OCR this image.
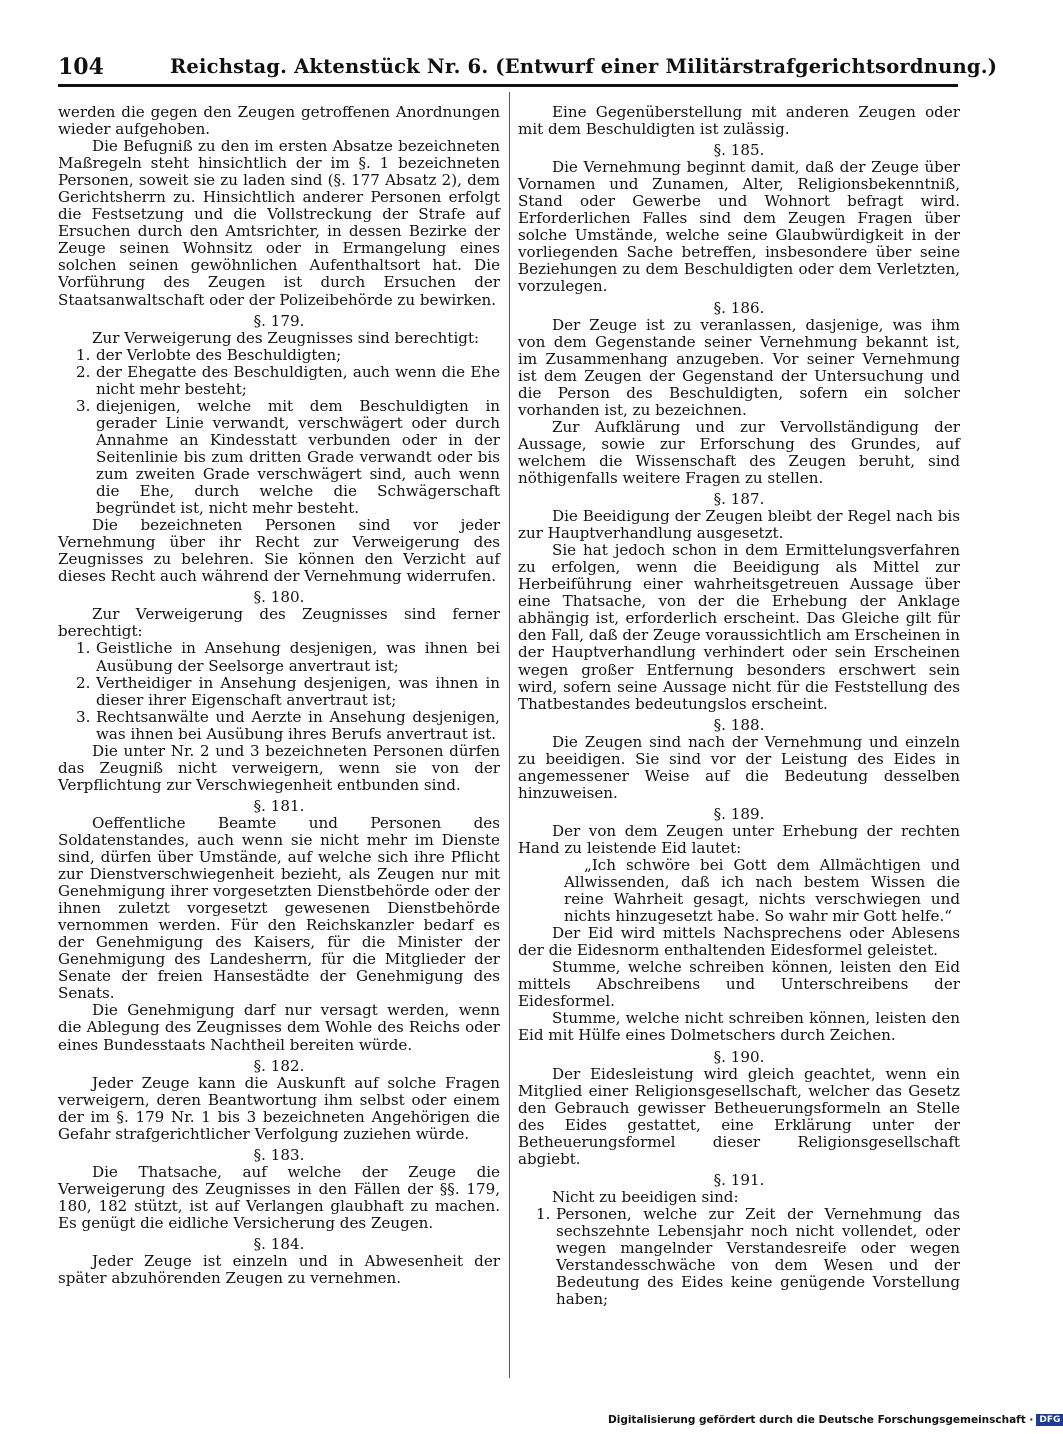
104	Reichstag. Aktenstück Nr. 6. (Entwurf einer Militärstrafgerichtsordnung.)

werden die gegen den Zeugen getroffenen Anordnungen wieder aufgehoben.

Die Befugniß zu den im ersten Absatze bezeichneten Maßregeln steht hinsichtlich der im §. 1 bezeichneten Personen, soweit sie zu laden sind (§. 177 Absatz 2), dem Gerichtsherrn zu. Hinsichtlich anderer Personen erfolgt die Festsetzung und die Vollstreckung der Strafe auf Ersuchen durch den Amtsrichter, in dessen Bezirke der Zeuge seinen Wohnsitz oder in Ermangelung eines solchen seinen gewöhnlichen Aufenthaltsort hat. Die Vorführung des Zeugen ist durch Ersuchen der Staatsanwaltschaft oder der Polizeibehörde zu bewirken.

§. 179.

Zur Verweigerung des Zeugnisses sind berechtigt:

1. der Verlobte des Beschuldigten;

2. der Ehegatte des Beschuldigten, auch wenn die Ehe nicht mehr besteht;

3. diejenigen, welche mit dem Beschuldigten in gerader Linie verwandt, verschwägert oder durch Annahme an Kindesstatt verbunden oder in der Seitenlinie bis zum dritten Grade verwandt oder bis zum zweiten Grade verschwägert sind, auch wenn die Ehe, durch welche die Schwägerschaft begründet ist, nicht mehr besteht.

Die bezeichneten Personen sind vor jeder Vernehmung über ihr Recht zur Verweigerung des Zeugnisses zu belehren. Sie können den Verzicht auf dieses Recht auch während der Vernehmung widerrufen.

§. 180.

Zur Verweigerung des Zeugnisses sind ferner berechtigt:

1. Geistliche in Ansehung desjenigen, was ihnen bei Ausübung der Seelsorge anvertraut ist;

2. Vertheidiger in Ansehung desjenigen, was ihnen in dieser ihrer Eigenschaft anvertraut ist;

3. Rechtsanwälte und Aerzte in Ansehung desjenigen, was ihnen bei Ausübung ihres Berufs anvertraut ist.

Die unter Nr. 2 und 3 bezeichneten Personen dürfen das Zeugniß nicht verweigern, wenn sie von der Verpflichtung zur Verschwiegenheit entbunden sind.

§. 181.

Oeffentliche Beamte und Personen des Soldatenstandes, auch wenn sie nicht mehr im Dienste sind, dürfen über Umstände, auf welche sich ihre Pflicht zur Dienstverschwiegenheit bezieht, als Zeugen nur mit Genehmigung ihrer vorgesetzten Dienstbehörde oder der ihnen zuletzt vorgesetzt gewesenen Dienstbehörde vernommen werden. Für den Reichskanzler bedarf es der Genehmigung des Kaisers, für die Minister der Genehmigung des Landesherrn, für die Mitglieder der Senate der freien Hansestädte der Genehmigung des Senats.

Die Genehmigung darf nur versagt werden, wenn die Ablegung des Zeugnisses dem Wohle des Reichs oder eines Bundesstaats Nachtheil bereiten würde.

§. 182.

Jeder Zeuge kann die Auskunft auf solche Fragen verweigern, deren Beantwortung ihm selbst oder einem der im §. 179 Nr. 1 bis 3 bezeichneten Angehörigen die Gefahr strafgerichtlicher Verfolgung zuziehen würde.

§. 183.

Die Thatsache, auf welche der Zeuge die Verweigerung des Zeugnisses in den Fällen der §§. 179, 180, 182 stützt, ist auf Verlangen glaubhaft zu machen. Es genügt die eidliche Versicherung des Zeugen.

§. 184.

Jeder Zeuge ist einzeln und in Abwesenheit der später abzuhörenden Zeugen zu vernehmen.

Eine Gegenüberstellung mit anderen Zeugen oder mit dem Beschuldigten ist zulässig.

§. 185.

Die Vernehmung beginnt damit, daß der Zeuge über Vornamen und Zunamen, Alter, Religionsbekenntniß, Stand oder Gewerbe und Wohnort befragt wird. Erforderlichen Falles sind dem Zeugen Fragen über solche Umstände, welche seine Glaubwürdigkeit in der vorliegenden Sache betreffen, insbesondere über seine Beziehungen zu dem Beschuldigten oder dem Verletzten, vorzulegen.

§. 186.

Der Zeuge ist zu veranlassen, dasjenige, was ihm von dem Gegenstande seiner Vernehmung bekannt ist, im Zusammenhang anzugeben. Vor seiner Vernehmung ist dem Zeugen der Gegenstand der Untersuchung und die Person des Beschuldigten, sofern ein solcher vorhanden ist, zu bezeichnen.

Zur Aufklärung und zur Vervollständigung der Aussage, sowie zur Erforschung des Grundes, auf welchem die Wissenschaft des Zeugen beruht, sind nöthigenfalls weitere Fragen zu stellen.

§. 187.

Die Beeidigung der Zeugen bleibt der Regel nach bis zur Hauptverhandlung ausgesetzt.

Sie hat jedoch schon in dem Ermittelungsverfahren zu erfolgen, wenn die Beeidigung als Mittel zur Herbeiführung einer wahrheitsgetreuen Aussage über eine Thatsache, von der die Erhebung der Anklage abhängig ist, erforderlich erscheint. Das Gleiche gilt für den Fall, daß der Zeuge voraussichtlich am Erscheinen in der Hauptverhandlung verhindert oder sein Erscheinen wegen großer Entfernung besonders erschwert sein wird, sofern seine Aussage nicht für die Feststellung des Thatbestandes bedeutungslos erscheint.

§. 188.

Die Zeugen sind nach der Vernehmung und einzeln zu beeidigen. Sie sind vor der Leistung des Eides in angemessener Weise auf die Bedeutung desselben hinzuweisen.

§. 189.

Der von dem Zeugen unter Erhebung der rechten Hand zu leistende Eid lautet:

„Ich schwöre bei Gott dem Allmächtigen und Allwissenden, daß ich nach bestem Wissen die reine Wahrheit gesagt, nichts verschwiegen und nichts hinzugesetzt habe. So wahr mir Gott helfe.“

Der Eid wird mittels Nachsprechens oder Ablesens der die Eidesnorm enthaltenden Eidesformel geleistet.

Stumme, welche schreiben können, leisten den Eid mittels Abschreibens und Unterschreibens der Eidesformel.

Stumme, welche nicht schreiben können, leisten den Eid mit Hülfe eines Dolmetschers durch Zeichen.

§. 190.

Der Eidesleistung wird gleich geachtet, wenn ein Mitglied einer Religionsgesellschaft, welcher das Gesetz den Gebrauch gewisser Betheuerungsformeln an Stelle des Eides gestattet, eine Erklärung unter der Betheuerungsformel dieser Religionsgesellschaft abgiebt.

§. 191.

Nicht zu beeidigen sind:

1. Personen, welche zur Zeit der Vernehmung das sechszehnte Lebensjahr noch nicht vollendet, oder wegen mangelnder Verstandesreife oder wegen Verstandesschwäche von dem Wesen und der Bedeutung des Eides keine genügende Vorstellung haben;

Digitalisierung gefördert durch die Deutsche Forschungsgemeinschaft · DFG
